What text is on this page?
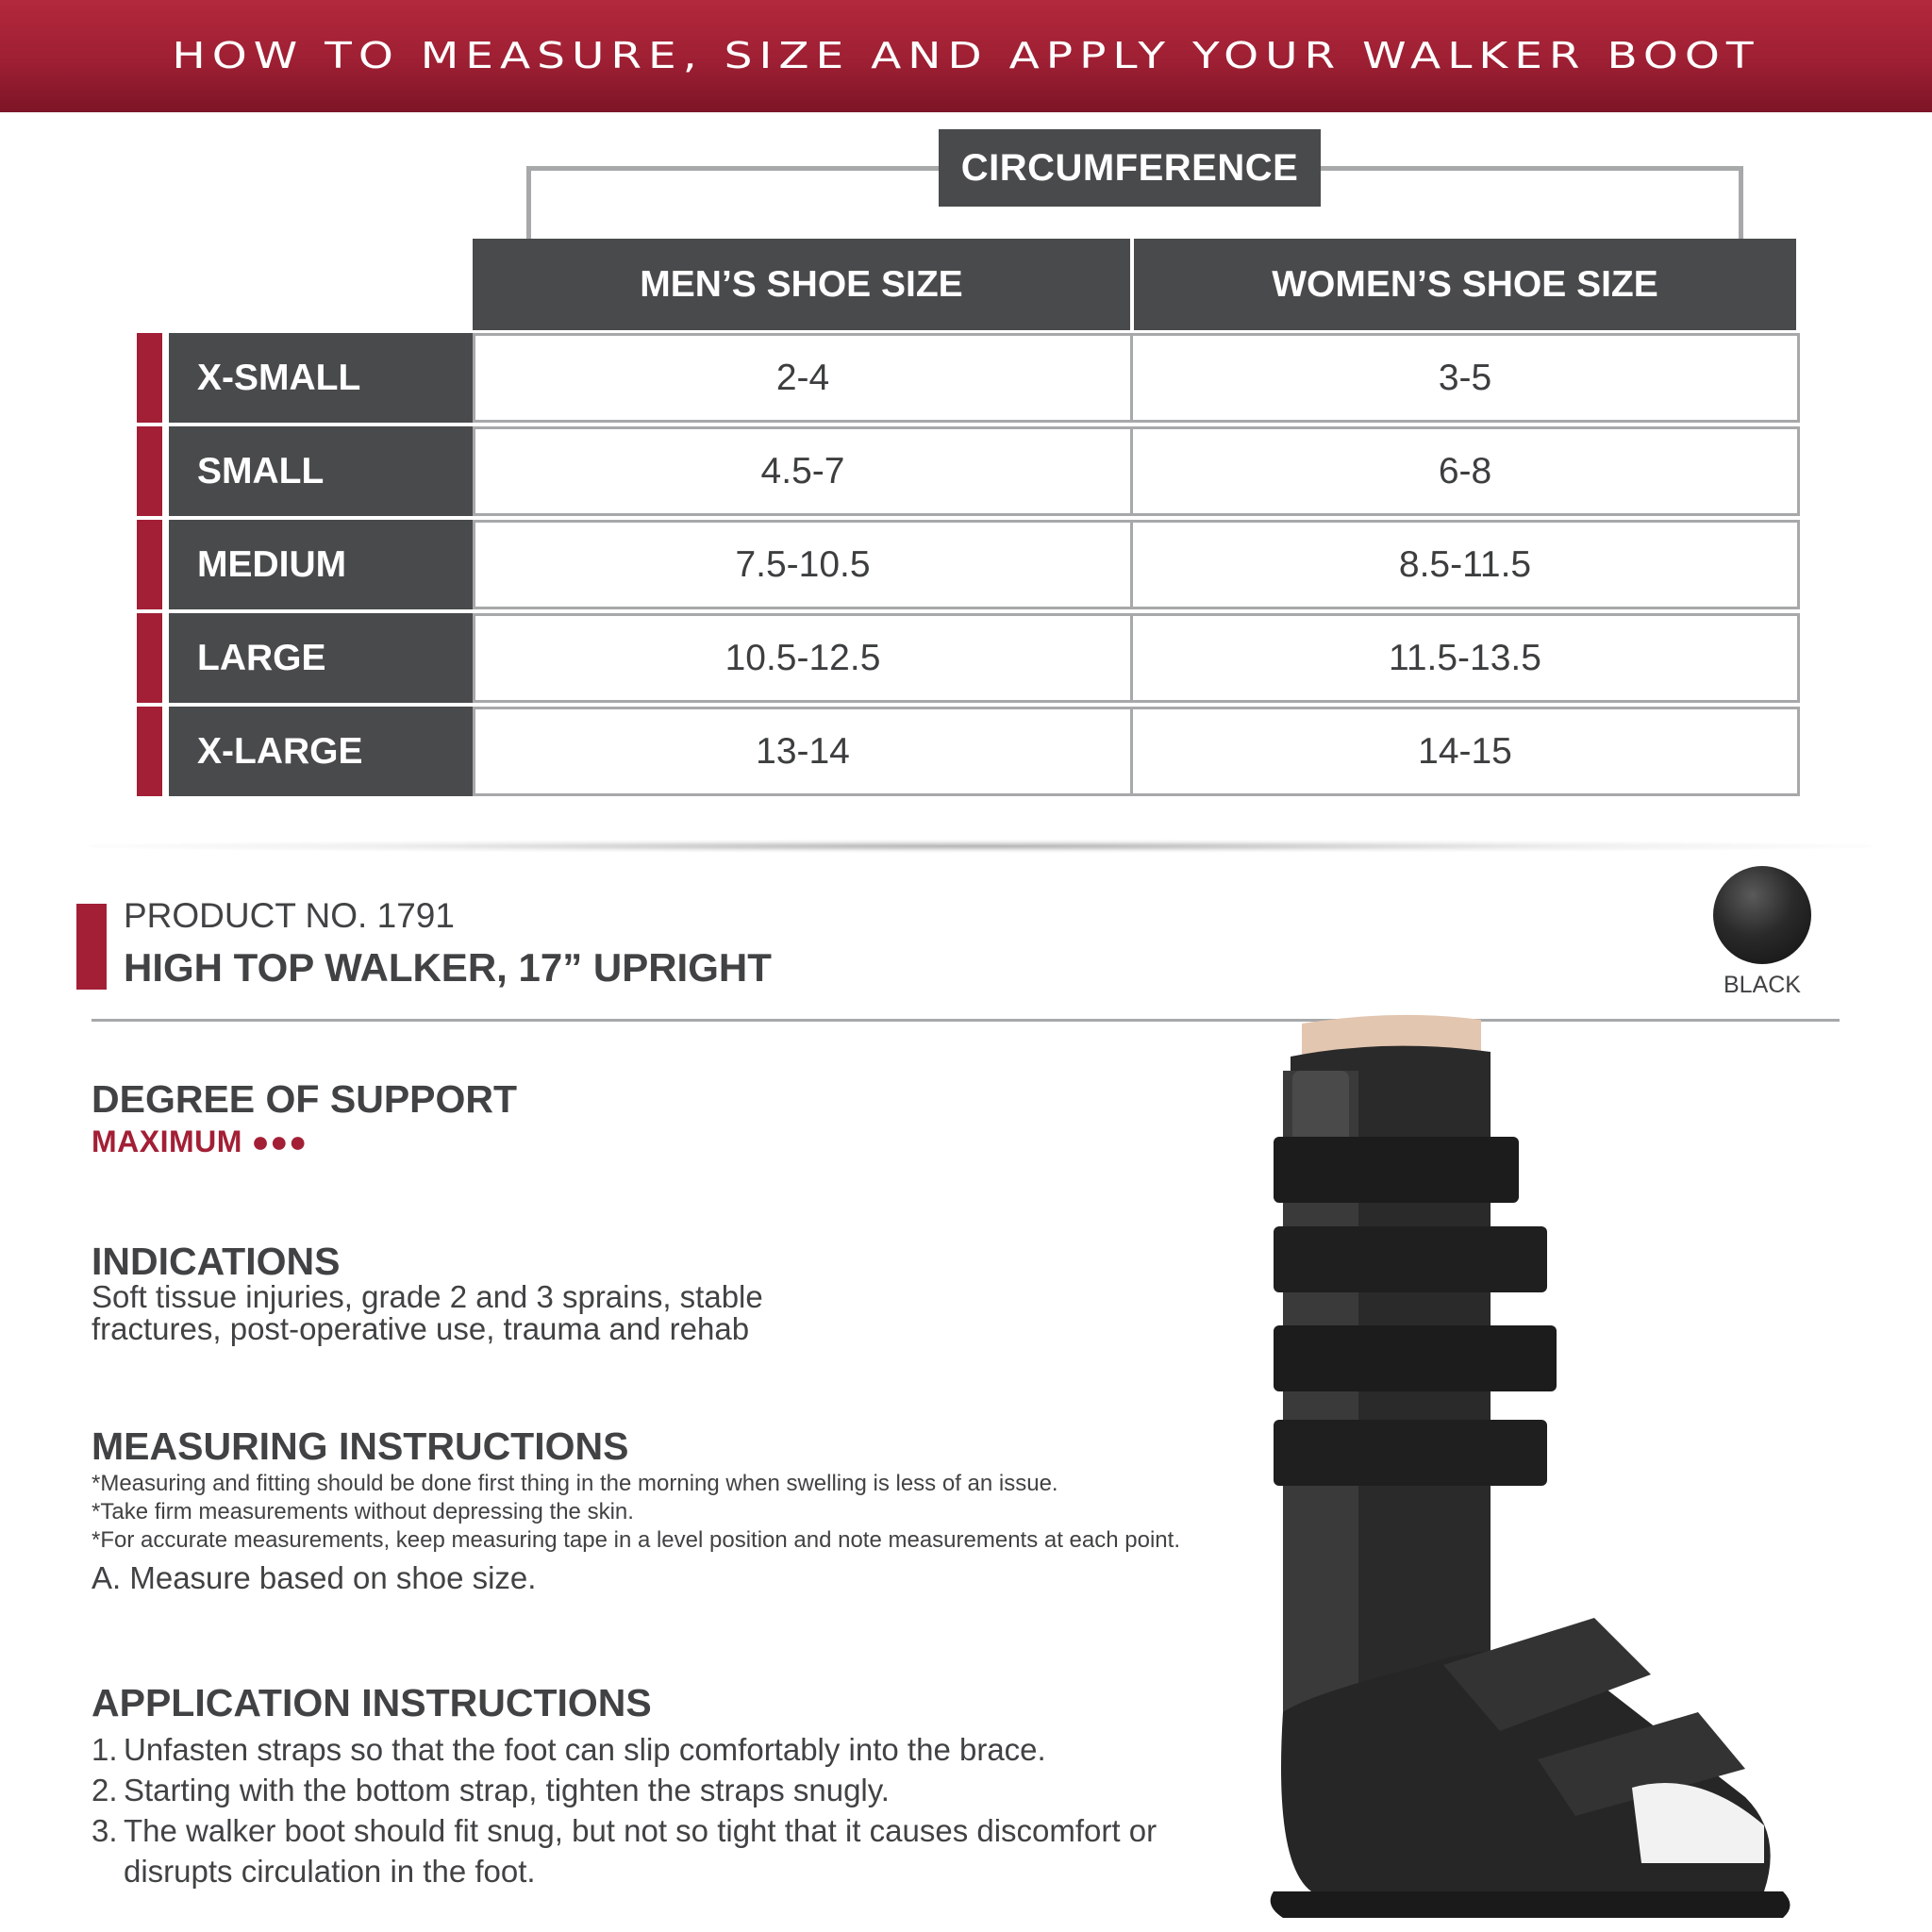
HOW TO MEASURE, SIZE AND APPLY YOUR WALKER BOOT
CIRCUMFERENCE
MEN’S SHOE SIZE	WOMEN’S SHOE SIZE
X-SMALL	2-4	3-5
SMALL	4.5-7	6-8
MEDIUM	7.5-10.5	8.5-11.5
LARGE	10.5-12.5	11.5-13.5
X-LARGE	13-14	14-15
PRODUCT NO. 1791
HIGH TOP WALKER, 17” UPRIGHT	BLACK
DEGREE OF SUPPORT
MAXIMUM ●●●
INDICATIONS
Soft tissue injuries, grade 2 and 3 sprains, stable
fractures, post-operative use, trauma and rehab
MEASURING INSTRUCTIONS
*Measuring and fitting should be done first thing in the morning when swelling is less of an issue.
*Take firm measurements without depressing the skin.
*For accurate measurements, keep measuring tape in a level position and note measurements at each point.
A. Measure based on shoe size.
APPLICATION INSTRUCTIONS
1. Unfasten straps so that the foot can slip comfortably into the brace.
2. Starting with the bottom strap, tighten the straps snugly.
3. The walker boot should fit snug, but not so tight that it causes discomfort or disrupts circulation in the foot.
